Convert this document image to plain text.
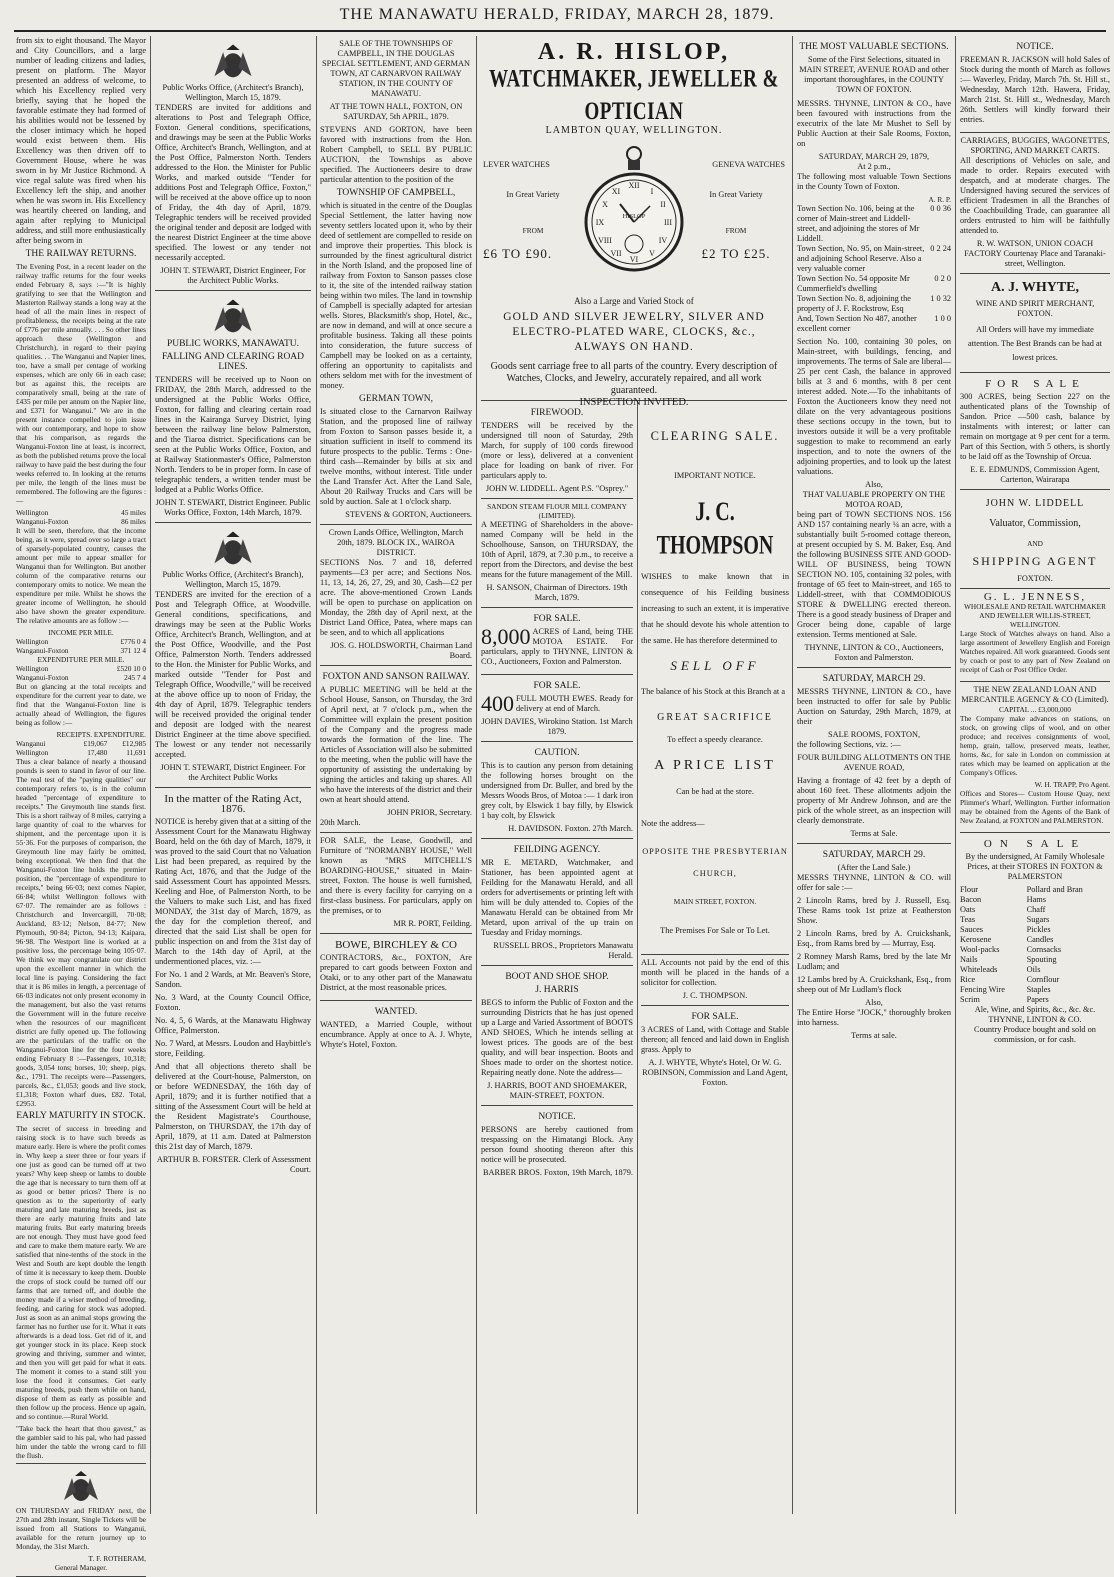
THE MANAWATU HERALD, FRIDAY, MARCH 28, 1879.

from six to eight thousand. The Mayor and City Councillors, and a large number of leading citizens and ladies, present on platform. The Mayor presented an address of welcome, to which his Excellency replied very briefly, saying that he hoped the favorable estimate they had formed of his abilities would not be lessened by the closer intimacy which he hoped would exist between them. His Excellency was then driven off to Government House, where he was sworn in by Mr Justice Richmond. A vice regal salute was fired when his Excellency left the ship, and another when he was sworn in. His Excellency was heartily cheered on landing, and again after replying to Municipal address, and still more enthusiastically after being sworn in

THE RAILWAY RETURNS.

The Evening Post, in a recent leader on the railway traffic returns for the four weeks ended February 8, says :—"It is highly gratifying to see that the Wellington and Masterton Railway stands a long way at the head of all the main lines in respect of profitableness, the receipts being at the rate of £776 per mile annually. . . . So other lines approach these (Wellington and Christchurch), in regard to their paying qualities. . . The Wanganui and Napier lines, too, have a small per centage of working expenses, which are only 66 in each case; but as against this, the receipts are comparatively small, being at the rate of £435 per mile per annum on the Napier line, and £371 for Wanganui." We are in the present instance compelled to join issue with our contemporary, and hope to show that his comparison, as regards the Wanganui-Foxton line at least, is incorrect, as both the published returns prove the local railway to have paid the best during the four weeks referred to. In looking at the returns per mile, the length of the lines must be remembered. The following are the figures :—

Wellington	45 miles
Wanganui-Foxton	86 miles

It will be seen, therefore, that the income being, as it were, spread over so large a tract of sparsely-populated country, causes the amount per mile to appear smaller for Wanganui than for Wellington. But another column of the comparative returns our contemporary omits to notice. We mean the expenditure per mile. Whilst he shows the greater income of Wellington, he should also have shown the greater expenditure. The relative amounts are as follow :—

INCOME PER MILE.
Wellington	£776 0 4
Wanganui-Foxton	371 12 4
EXPENDITURE PER MILE.
Wellington	£520 10 0
Wanganui-Foxton	245 7 4

But on glancing at the total receipts and expenditure for the current year to date, we find that the Wanganui-Foxton line is actually ahead of Wellington, the figures being as follow :—

RECEIPTS. EXPENDITURE.
Wanganui	£19,067	£12,985
Wellington	17,480	11,691

Thus a clear balance of nearly a thousand pounds is seen to stand in favor of our line. The real test of the "paying qualities" our contemporary refers to, is in the column headed "percentage of expenditure to receipts." The Greymouth line stands first. This is a short railway of 8 miles, carrying a large quantity of coal to the wharves for shipment, and the percentage upon it is 55·36. For the purposes of comparison, the Greymouth line may fairly be omitted, being exceptional. We then find that the Wanganui-Foxton line holds the premier position, the "percentage of expenditure to receipts," being 66·03; next comes Napier, 66·84; whilst Wellington follows with 67·07. The remainder are as follows : Christchurch and Invercargill, 70·08; Auckland, 83·12; Nelson, 84·77; New Plymouth, 90·84; Picton, 94·13; Kaipara, 96·98. The Westport line is worked at a positive loss, the percentage being 105·07. We think we may congratulate our district upon the excellent manner in which the local line is paying. Considering the fact that it is 86 miles in length, a percentage of 66·03 indicates not only present economy in the management, but also the vast returns the Government will in the future receive when the resources of our magnificent district are fully opened up. The following are the particulars of the traffic on the Wanganui-Foxton line for the four weeks ending February 8 :—Passengers, 10,318; goods, 3,054 tons; horses, 10; sheep, pigs, &c., 1791. The receipts were—Passengers, parcels, &c., £1,053; goods and live stock, £1,318; Foxton wharf dues, £82. Total, £2953.

EARLY MATURITY IN STOCK.

The secret of success in breeding and raising stock is to have such breeds as mature early. Here is where the profit comes in. Why keep a steer three or four years if one just as good can be turned off at two years? Why keep sheep or lambs to double the age that is necessary to turn them off at as good or better prices? There is no question as to the superiority of early maturing and late maturing breeds, just as there are early maturing fruits and late maturing fruits. But early maturing breeds are not enough. They must have good feed and care to make them mature early. We are satisfied that nine-tenths of the stock in the West and South are kept double the length of time it is necessary to keep them. Double the crops of stock could be turned off our farms that are turned off, and double the money made if a wiser method of breeding, feeding, and caring for stock was adopted. Just as soon as an animal stops growing the farmer has no further use for it. What it eats afterwards is a dead loss. Get rid of it, and get younger stock in its place. Keep stock growing and thriving, summer and winter, and then you will get paid for what it eats. The moment it comes to a stand still you lose the food it consumes. Get early maturing breeds, push them while on hand, dispose of them as early as possible and then follow up the process. Hence up again, and so continue.—Rural World.

"Take back the heart that thou gavest," as the gambler said to his pal, who had passed him under the table the wrong card to fill the flush.

ON THURSDAY and FRIDAY next, the 27th and 28th instant, Single Tickets will be issued from all Stations to Wanganui, available for the return journey up to Monday, the 31st March.

T. F. ROTHERAM,
General Manager.
Public Works Office, (Architect's Branch), Wellington, March 15, 1879.

TENDERS are invited for additions and alterations to Post and Telegraph Office, Foxton. General conditions, specifications, and drawings may be seen at the Public Works Office, Architect's Branch, Wellington, and at the Post Office, Palmerston North. Tenders addressed to the Hon. the Minister for Public Works, and marked outside "Tender for additions Post and Telegraph Office, Foxton," will be received at the above office up to noon of Friday, the 4th day of April, 1879. Telegraphic tenders will be received provided the original tender and deposit are lodged with the nearest District Engineer at the time above specified. The lowest or any tender not necessarily accepted.

JOHN T. STEWART, District Engineer, For the Architect Public Works.
PUBLIC WORKS, MANAWATU.
FALLING AND CLEARING ROAD LINES.

TENDERS will be received up to Noon on FRIDAY, the 28th March, addressed to the undersigned at the Public Works Office, Foxton, for falling and clearing certain road lines in the Kairanga Survey District, lying between the railway line below Palmerston, and the Tiaroa district. Specifications can be seen at the Public Works Office, Foxton, and at Railway Stationmaster's Office, Palmerston North. Tenders to be in proper form. In case of telegraphic tenders, a written tender must be lodged at a Public Works Office.

JOHN T. STEWART, District Engineer. Public Works Office, Foxton, 14th March, 1879.
Public Works Office, (Architect's Branch), Wellington, March 15, 1879.

TENDERS are invited for the erection of a Post and Telegraph Office, at Woodville. General conditions, specifications, and drawings may be seen at the Public Works Office, Architect's Branch, Wellington, and at the Post Office, Woodville, and the Post Office, Palmerston North. Tenders addressed to the Hon. the Minister for Public Works, and marked outside "Tender for Post and Telegraph Office, Woodville," will be received at the above office up to noon of Friday, the 4th day of April, 1879. Telegraphic tenders will be received provided the original tender and deposit are lodged with the nearest District Engineer at the time above specified. The lowest or any tender not necessarily accepted.

JOHN T. STEWART, District Engineer. For the Architect Public Works
In the matter of the Rating Act, 1876.

NOTICE is hereby given that at a sitting of the Assessment Court for the Manawatu Highway Board, held on the 6th day of March, 1879, it was proved to the said Court that no Valuation List had been prepared, as required by the Rating Act, 1876, and that the Judge of the said Assessment Court has appointed Messrs. Keeling and Hoe, of Palmerston North, to be the Valuers to make such List, and has fixed MONDAY, the 31st day of March, 1879, as the day for the completion thereof, and directed that the said List shall be open for public inspection on and from the 31st day of March to the 14th day of April, at the undermentioned places, viz. :—

For No. 1 and 2 Wards, at Mr. Beaven's Store, Sandon.

No. 3 Ward, at the County Council Office, Foxton.

No. 4, 5, 6 Wards, at the Manawatu Highway Office, Palmerston.

No. 7 Ward, at Messrs. Loudon and Haybittle's store, Feilding.

And that all objections thereto shall be delivered at the Court-house, Palmerston, on or before WEDNESDAY, the 16th day of April, 1879; and it is further notified that a sitting of the Assessment Court will be held at the Resident Magistrate's Courthouse, Palmerston, on THURSDAY, the 17th day of April, 1879, at 11 a.m. Dated at Palmerston this 21st day of March, 1879.

ARTHUR B. FORSTER. Clerk of Assessment Court.
SALE OF THE TOWNSHIPS OF CAMPBELL, IN THE DOUGLAS SPECIAL SETTLEMENT, AND GERMAN TOWN, AT CARNARVON RAILWAY STATION, IN THE COUNTY OF MANAWATU.
AT THE TOWN HALL, FOXTON, ON SATURDAY, 5th APRIL, 1879.

STEVENS AND GORTON, have been favored with instructions from the Hon. Robert Campbell, to SELL BY PUBLIC AUCTION, the Townships as above specified. The Auctioneers desire to draw particular attention to the position of the

TOWNSHIP OF CAMPBELL,

which is situated in the centre of the Douglas Special Settlement, the latter having now seventy settlers located upon it, who by their deed of settlement are compelled to reside on and improve their properties. This block is surrounded by the finest agricultural district in the North Island, and the proposed line of railway from Foxton to Sanson passes close to it, the site of the intended railway station being within two miles. The land in township of Campbell is specially adapted for artesian wells. Stores, Blacksmith's shop, Hotel, &c., are now in demand, and will at once secure a profitable business. Taking all these points into consideration, the future success of Campbell may be looked on as a certainty, offering an opportunity to capitalists and others seldom met with for the investment of money.

GERMAN TOWN,

Is situated close to the Carnarvon Railway Station, and the proposed line of railway from Foxton to Sanson passes beside it, a situation sufficient in itself to commend its future prospects to the public. Terms : One-third cash—Remainder by bills at six and twelve months, without interest. Title under the Land Transfer Act. After the Land Sale, About 20 Railway Trucks and Cars will be sold by auction. Sale at 1 o'clock sharp.

STEVENS & GORTON, Auctioneers.
Crown Lands Office, Wellington, March 20th, 1879. BLOCK IX., WAIROA DISTRICT.

SECTIONS Nos. 7 and 18, deferred payments—£3 per acre; and Sections Nos. 11, 13, 14, 26, 27, 29, and 30, Cash—£2 per acre. The above-mentioned Crown Lands will be open to purchase on application on Monday, the 28th day of April next, at the District Land Office, Patea, where maps can be seen, and to which all applications

JOS. G. HOLDSWORTH, Chairman Land Board.
FOXTON AND SANSON RAILWAY.

A PUBLIC MEETING will be held at the School House, Sanson, on Thursday, the 3rd of April next, at 7 o'clock p.m., when the Committee will explain the present position of the Company and the progress made towards the formation of the line. The Articles of Association will also be submitted to the meeting, when the public will have the opportunity of assisting the undertaking by signing the articles and taking up shares. All who have the interests of the district and their own at heart should attend.

JOHN PRIOR, Secretary.
20th March.

FOR SALE, the Lease, Goodwill, and Furniture of "NORMANBY HOUSE," Well known as "MRS MITCHELL'S BOARDING-HOUSE," situated in Main-street, Foxton. The house is well furnished, and there is every facility for carrying on a first-class business. For particulars, apply on the premises, or to

MR R. PORT, Feilding.
BOWE, BIRCHLEY & CO

CONTRACTORS, &c., FOXTON, Are prepared to cart goods between Foxton and Otaki, or to any other part of the Manawatu District, at the most reasonable prices.

WANTED.

WANTED, a Married Couple, without encumbrance. Apply at once to A. J. Whyte, Whyte's Hotel, Foxton.

A. R. HISLOP,
WATCHMAKER, JEWELLER & OPTICIAN
LAMBTON QUAY, WELLINGTON.
LEVER WATCHES
In Great Variety
FROM
£6 TO £90.
XII
III
VI
IX
I
II
IV
V
VII
VIII
X
XI
HISLOP
GENEVA WATCHES
In Great Variety
FROM
£2 TO £25.
Also a Large and Varied Stock of
GOLD AND SILVER JEWELRY, SILVER AND ELECTRO-PLATED WARE, CLOCKS, &c., ALWAYS ON HAND.
Goods sent carriage free to all parts of the country. Every description of Watches, Clocks, and Jewelry, accurately repaired, and all work guaranteed.
INSPECTION INVITED.
FIREWOOD.

TENDERS will be received by the undersigned till noon of Saturday, 29th March, for supply of 100 cords firewood (more or less), delivered at a convenient place for loading on bank of river. For particulars apply to.

JOHN W. LIDDELL. Agent P.S. "Osprey."
SANDON STEAM FLOUR MILL COMPANY (LIMITED).

A MEETING of Shareholders in the above-named Company will be held in the Schoolhouse, Sanson, on THURSDAY, the 10th of April, 1879, at 7.30 p.m., to receive a report from the Directors, and devise the best means for the future management of the Mill.

H. SANSON, Chairman of Directors. 19th March, 1879.
FOR SALE.
8,000 ACRES of Land, being THE MOTOA ESTATE. For particulars, apply to THYNNE, LINTON & CO., Auctioneers, Foxton and Palmerston.

FOR SALE.
400 FULL MOUTH EWES. Ready for delivery at end of March.

JOHN DAVIES, Wirokino Station. 1st March 1879.
CAUTION.

This is to caution any person from detaining the following horses brought on the undersigned from Dr. Buller, and bred by the Messrs Woods Bros, of Motoa :— 1 dark iron grey colt, by Elswick 1 bay filly, by Elswick 1 bay colt, by Elswick

H. DAVIDSON. Foxton. 27th March.
FEILDING AGENCY.

MR E. METARD, Watchmaker, and Stationer, has been appointed agent at Feilding for the Manawatu Herald, and all orders for advertisements or printing left with him will be duly attended to. Copies of the Manawatu Herald can be obtained from Mr Metard, upon arrival of the up train on Tuesday and Friday mornings.

RUSSELL BROS., Proprietors Manawatu Herald.
BOOT AND SHOE SHOP.
J. HARRIS

BEGS to inform the Public of Foxton and the surrounding Districts that he has just opened up a Large and Varied Assortment of BOOTS AND SHOES, Which he intends selling at lowest prices. The goods are of the best quality, and will bear inspection. Boots and Shoes made to order on the shortest notice. Repairing neatly done. Note the address—

J. HARRIS, BOOT AND SHOEMAKER, MAIN-STREET, FOXTON.
NOTICE.

PERSONS are hereby cautioned from trespassing on the Himatangi Block. Any person found shooting thereon after this notice will be prosecuted.

BARBER BROS. Foxton, 19th March, 1879.
CLEARING SALE.
IMPORTANT NOTICE.
J. C. THOMPSON

WISHES to make known that in consequence of his Feilding business increasing to such an extent, it is imperative that he should devote his whole attention to the same. He has therefore determined to

SELL OFF

The balance of his Stock at this Branch at a

GREAT SACRIFICE
To effect a speedy clearance.
A PRICE LIST
Can be had at the store.
Note the address—
OPPOSITE THE PRESBYTERIAN CHURCH,
MAIN STREET, FOXTON.
The Premises For Sale or To Let.

ALL Accounts not paid by the end of this month will be placed in the hands of a solicitor for collection.

J. C. THOMPSON.
FOR SALE.

3 ACRES of Land, with Cottage and Stable thereon; all fenced and laid down in English grass. Apply to

A. J. WHYTE, Whyte's Hotel, Or W. G. ROBINSON, Commission and Land Agent, Foxton.
THE MOST VALUABLE SECTIONS.
Some of the First Selections, situated in MAIN STREET, AVENUE ROAD and other important thoroughfares, in the COUNTY TOWN OF FOXTON.

MESSRS. THYNNE, LINTON & CO., have been favoured with instructions from the executrix of the late Mr Mushet to Sell by Public Auction at their Sale Rooms, Foxton, on

SATURDAY, MARCH 29, 1879,
At 2 p.m.,

The following most valuable Town Sections in the County Town of Foxton.

A. R. P.
Town Section No. 106, being at the corner of Main-street and Liddell-street, and adjoining the stores of Mr Liddell.	0 0 36
Town Section, No. 95, on Main-street, and adjoining School Reserve. Also a very valuable corner	0 2 24
Town Section No. 54 opposite Mr Cummerfield's dwelling	0 2 0
Town Section No. 8, adjoining the property of J. F. Rockstrow, Esq	1 0 32
And, Town Section No 487, another excellent corner	1 0 0

Section No. 100, containing 30 poles, on Main-street, with buildings, fencing, and improvements. The terms of Sale are liberal—25 per cent Cash, the balance in approved bills at 3 and 6 months, with 8 per cent interest added. Note.—To the inhabitants of Foxton the Auctioneers know they need not dilate on the very advantageous positions these sections occupy in the town, but to investors outside it will be a very profitable suggestion to make to recommend an early inspection, and to note the owners of the adjoining properties, and to look up the latest valuations.

Also,
THAT VALUABLE PROPERTY ON THE MOTOA ROAD,

being part of TOWN SECTIONS NOS. 156 AND 157 containing nearly ¼ an acre, with a substantially built 5-roomed cottage thereon, at present occupied by S. M. Baker, Esq. And the following BUSINESS SITE AND GOOD-WILL OF BUSINESS, being TOWN SECTION NO. 105, containing 32 poles, with frontage of 65 feet to Main-street, and 165 to Liddell-street, with that COMMODIOUS STORE & DWELLING erected thereon. There is a good steady business of Draper and Grocer being done, capable of large extension. Terms mentioned at Sale.

THYNNE, LINTON & CO., Auctioneers, Foxton and Palmerston.
SATURDAY, MARCH 29.

MESSRS THYNNE, LINTON & CO., have been instructed to offer for sale by Public Auction on Saturday, 29th March, 1879, at their

SALE ROOMS, FOXTON,
the following Sections, viz. :—
FOUR BUILDING ALLOTMENTS ON THE AVENUE ROAD,

Having a frontage of 42 feet by a depth of about 160 feet. These allotments adjoin the property of Mr Andrew Johnson, and are the pick of the whole street, as an inspection will clearly demonstrate.

Terms at Sale.
SATURDAY, MARCH 29.
(After the Land Sale.)

MESSRS THYNNE, LINTON & CO. will offer for sale :—

2 Lincoln Rams, bred by J. Russell, Esq. These Rams took 1st prize at Featherston Show.

2 Lincoln Rams, bred by A. Cruickshank, Esq., from Rams bred by — Murray, Esq.

2 Romney Marsh Rams, bred by the late Mr Ludlam; and

12 Lambs bred by A. Cruickshank, Esq., from sheep out of Mr Ludlam's flock

Also,

The Entire Horse "JOCK," thoroughly broken into harness.

Terms at sale.
NOTICE.

FREEMAN R. JACKSON will hold Sales of Stock during the month of March as follows :— Waverley, Friday, March 7th. St. Hill st., Wednesday, March 12th. Hawera, Friday, March 21st. St. Hill st., Wednesday, March 26th. Settlers will kindly forward their entries.

CARRIAGES, BUGGIES, WAGONETTES, SPORTING, AND MARKET CARTS.

All descriptions of Vehicles on sale, and made to order. Repairs executed with despatch, and at moderate charges. The Undersigned having secured the services of efficient Tradesmen in all the Branches of the Coachbuilding Trade, can guarantee all orders entrusted to him will be faithfully attended to.

R. W. WATSON, UNION COACH FACTORY Courtenay Place and Taranaki-street, Wellington.
A. J. WHYTE,
WINE AND SPIRIT MERCHANT, FOXTON.

All Orders will have my immediate attention. The Best Brands can be had at lowest prices.

FOR SALE

300 ACRES, being Section 227 on the authenticated plans of the Township of Sandon. Price —500 cash, balance by instalments with interest; or latter can remain on mortgage at 9 per cent for a term. Part of this Section, with 5 others, is shortly to be laid off as the Township of Orcua.

E. E. EDMUNDS, Commission Agent, Carterton, Wairarapa
JOHN W. LIDDELL
Valuator, Commission,
AND
SHIPPING AGENT
FOXTON.
G. L. JENNESS,
WHOLESALE AND RETAIL WATCHMAKER AND JEWELLER WILLIS-STREET, WELLINGTON.

Large Stock of Watches always on hand. Also a large assortment of Jewellery English and Foreign Watches repaired. All work guaranteed. Goods sent by coach or post to any part of New Zealand on receipt of Cash or Post Office Order.

THE NEW ZEALAND LOAN AND MERCANTILE AGENCY & CO (Limited).
CAPITAL ... £3,000,000

The Company make advances on stations, on stock, on growing clips of wool, and on other produce; and receives consignments of wool, hemp, grain, tallow, preserved meats, leather, horns, &c, for sale in London on commission at rates which may be learned on application at the Company's Offices.

W. H. TRAPP, Pro Agent.

Offices and Stores— Custom House Quay, next Plimmer's Wharf, Wellington. Further information may be obtained from the Agents of the Bank of New Zealand, at FOXTON and PALMERSTON.

ON SALE

By the undersigned, At Family Wholesale Prices, at their STORES IN FOXTON & PALMERSTON

Flour	Pollard and Bran
Bacon	Hams
Oats	Chaff
Teas	Sugars
Sauces	Pickles
Kerosene	Candles
Wool-packs	Cornsacks
Nails	Spouting
Whiteleads	Oils
Rice	Cornflour
Fencing Wire	Staples
Scrim	Papers
Ale, Wine, and Spirits, &c., &c. &c.
THYNNE, LINTON & CO.

Country Produce bought and sold on commission, or for cash.
